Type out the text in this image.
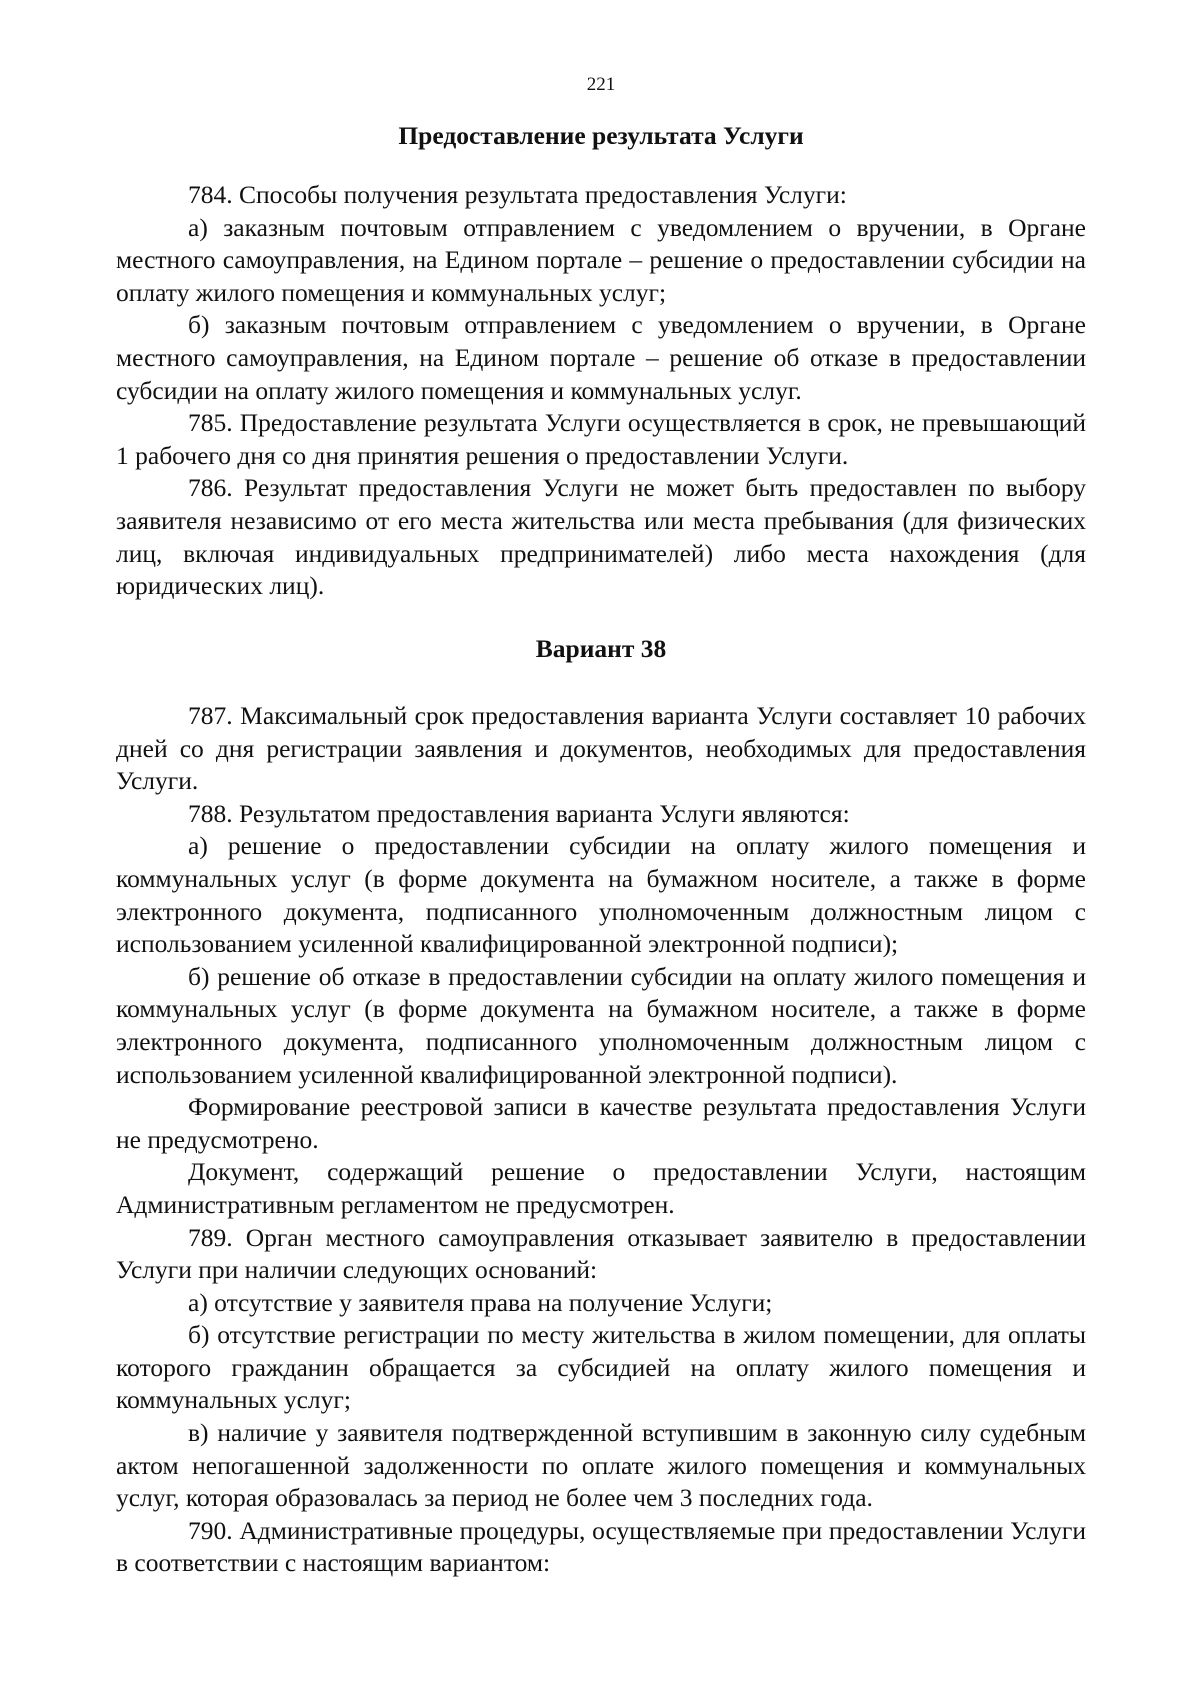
221
Предоставление результата Услуги

784. Способы получения результата предоставления Услуги:

а) заказным почтовым отправлением с уведомлением о вручении, в Органе местного самоуправления, на Едином портале – решение о предоставлении субсидии на оплату жилого помещения и коммунальных услуг;

б) заказным почтовым отправлением с уведомлением о вручении, в Органе местного самоуправления, на Едином портале – решение об отказе в предоставлении субсидии на оплату жилого помещения и коммунальных услуг.

785. Предоставление результата Услуги осуществляется в срок, не превышающий 1 рабочего дня со дня принятия решения о предоставлении Услуги.

786. Результат предоставления Услуги не может быть предоставлен по выбору заявителя независимо от его места жительства или места пребывания (для физических лиц, включая индивидуальных предпринимателей) либо места нахождения (для юридических лиц).

Вариант 38

787. Максимальный срок предоставления варианта Услуги составляет 10 рабочих дней со дня регистрации заявления и документов, необходимых для предоставления Услуги.

788. Результатом предоставления варианта Услуги являются:

а) решение о предоставлении субсидии на оплату жилого помещения и коммунальных услуг (в форме документа на бумажном носителе, а также в форме электронного документа, подписанного уполномоченным должностным лицом с использованием усиленной квалифицированной электронной подписи);

б) решение об отказе в предоставлении субсидии на оплату жилого помещения и коммунальных услуг (в форме документа на бумажном носителе, а также в форме электронного документа, подписанного уполномоченным должностным лицом с использованием усиленной квалифицированной электронной подписи).

Формирование реестровой записи в качестве результата предоставления Услуги не предусмотрено.

Документ, содержащий решение о предоставлении Услуги, настоящим Административным регламентом не предусмотрен.

789. Орган местного самоуправления отказывает заявителю в предоставлении Услуги при наличии следующих оснований:

а) отсутствие у заявителя права на получение Услуги;

б) отсутствие регистрации по месту жительства в жилом помещении, для оплаты которого гражданин обращается за субсидией на оплату жилого помещения и коммунальных услуг;

в) наличие у заявителя подтвержденной вступившим в законную силу судебным актом непогашенной задолженности по оплате жилого помещения и коммунальных услуг, которая образовалась за период не более чем 3 последних года.

790. Административные процедуры, осуществляемые при предоставлении Услуги в соответствии с настоящим вариантом:
